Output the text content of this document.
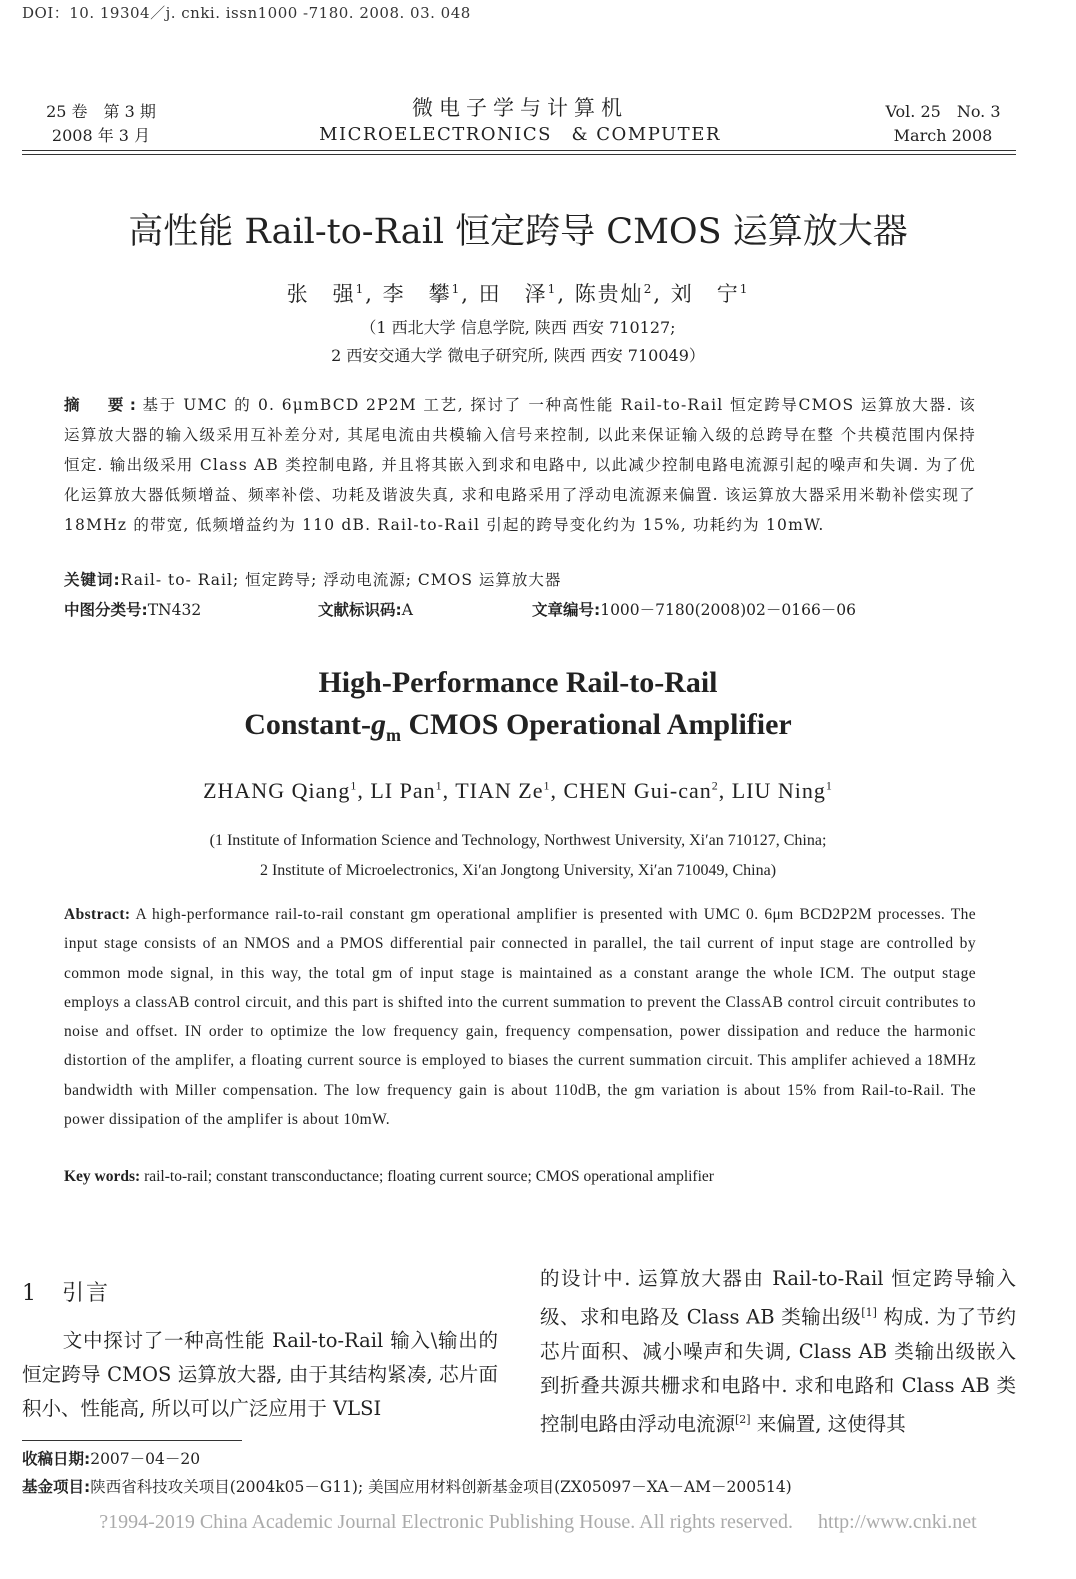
DOI：10. 19304／j. cnki. issn1000 -7180. 2008. 03. 048
25 卷　第 3 期
2008 年 3 月
微电子学与计算机
MICROELECTRONICS　& COMPUTER
Vol. 25　No. 3
March 2008
高性能 Rail-to-Rail 恒定跨导 CMOS 运算放大器
张　强$^1$, 李　攀$^1$, 田　泽$^1$, 陈贵灿$^2$, 刘　宁$^1$
（1 西北大学 信息学院, 陕西 西安 710127;
2 西安交通大学 微电子研究所, 陕西 西安 710049）
摘　要:基于 UMC 的 0. 6μmBCD 2P2M 工艺, 探讨了 一种高性能 Rail-to-Rail 恒定跨导CMOS 运算放大器. 该运算放大器的输入级采用互补差分对, 其尾电流由共模输入信号来控制, 以此来保证输入级的总跨导在整 个共模范围内保持恒定. 输出级采用 Class AB 类控制电路, 并且将其嵌入到求和电路中, 以此减少控制电路电流源引起的噪声和失调. 为了优化运算放大器低频增益、频率补偿、功耗及谐波失真, 求和电路采用了浮动电流源来偏置. 该运算放大器采用米勒补偿实现了 18MHz 的带宽, 低频增益约为 110 dB. Rail-to-Rail 引起的跨导变化约为 15%, 功耗约为 10mW.
关键词:Rail- to- Rail; 恒定跨导; 浮动电流源; CMOS 运算放大器
中图分类号:TN432	文献标识码:A	文章编号:1000－7180(2008)02－0166－06
High-Performance Rail-to-Rail
Constant-$g_m$ CMOS Operational Amplifier
ZHANG Qiang$^1$, LI Pan$^1$, TIAN Ze$^1$, CHEN Gui-can$^2$, LIU Ning$^1$
(1 Institute of Information Science and Technology, Northwest University, Xi′an 710127, China;
2 Institute of Microelectronics, Xi′an Jongtong University, Xi′an 710049, China)
Abstract: A high-performance rail-to-rail constant gm operational amplifier is presented with UMC 0. 6μm BCD2P2M processes. The input stage consists of an NMOS and a PMOS differential pair connected in parallel, the tail current of input stage are controlled by common mode signal, in this way, the total gm of input stage is maintained as a constant arange the whole ICM. The output stage employs a classAB control circuit, and this part is shifted into the current summation to prevent the ClassAB control circuit contributes to noise and offset. IN order to optimize the low frequency gain, frequency compensation, power dissipation and reduce the harmonic distortion of the amplifer, a floating current source is employed to biases the current summation circuit. This amplifer achieved a 18MHz bandwidth with Miller compensation. The low frequency gain is about 110dB, the gm variation is about 15% from Rail-to-Rail. The power dissipation of the amplifer is about 10mW.
Key words: rail-to-rail; constant transconductance; floating current source; CMOS operational amplifier
1　引言
文中探讨了一种高性能 Rail-to-Rail 输入\输出的恒定跨导 CMOS 运算放大器, 由于其结构紧凑, 芯片面积小、性能高, 所以可以广泛应用于 VLSI
的设计中. 运算放大器由 Rail-to-Rail 恒定跨导输入级、求和电路及 Class AB 类输出级[1] 构成. 为了节约芯片面积、减小噪声和失调, Class AB 类输出级嵌入到折叠共源共栅求和电路中. 求和电路和 Class AB 类控制电路由浮动电流源[2] 来偏置, 这使得其
收稿日期:2007－04－20
基金项目:陕西省科技攻关项目(2004k05－G11); 美国应用材料创新基金项目(ZX05097－XA－AM－200514)
?1994-2019 China Academic Journal Electronic Publishing House. All rights reserved.　 http://www.cnki.net
